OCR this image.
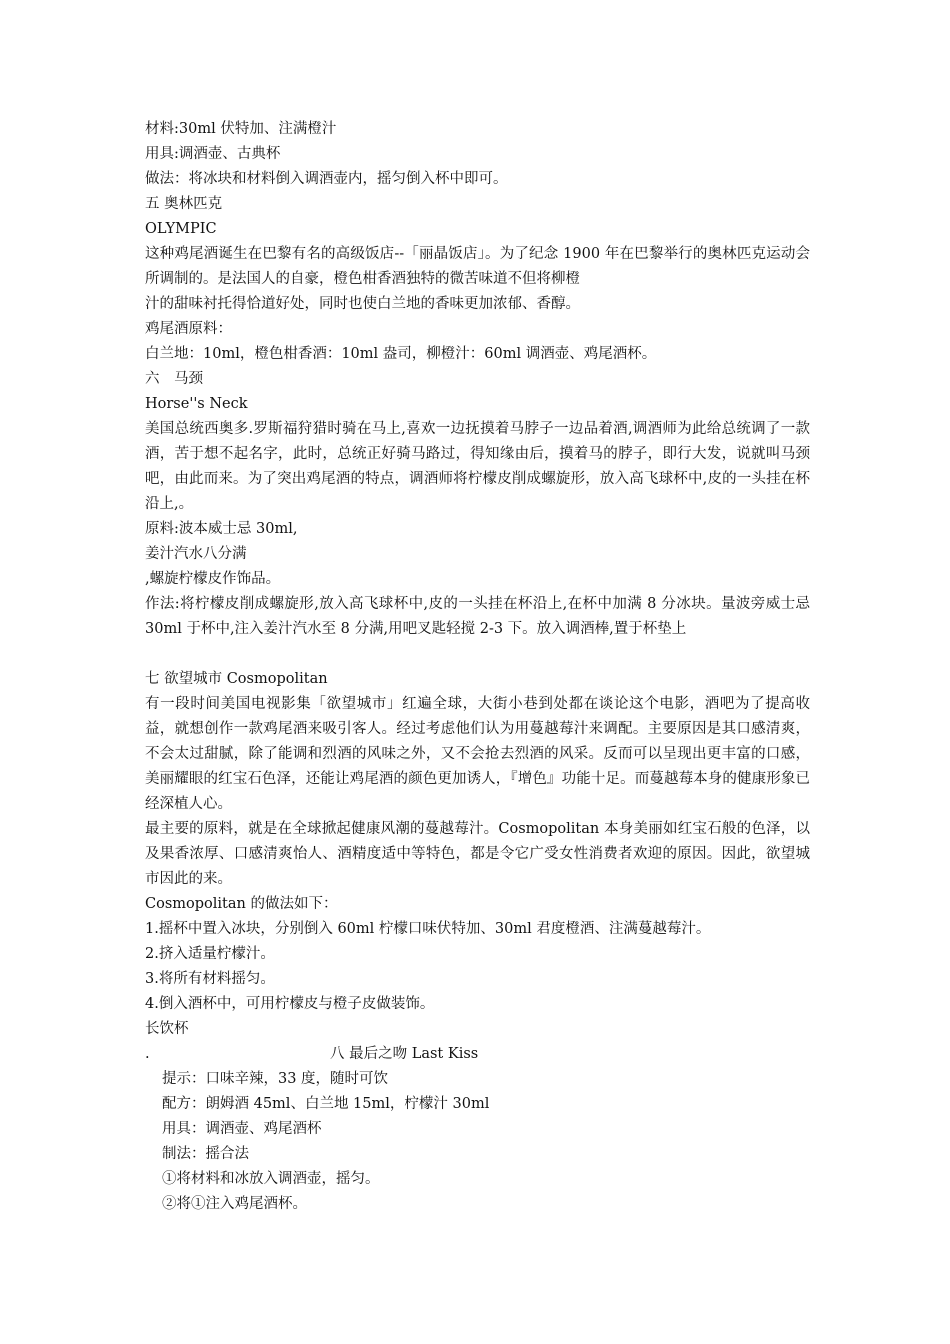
材料:30ml 伏特加、注满橙汁
用具:调酒壶、古典杯
做法：将冰块和材料倒入调酒壶内，摇匀倒入杯中即可。
五 奥林匹克
OLYMPIC
这种鸡尾酒诞生在巴黎有名的高级饭店--「丽晶饭店」。为了纪念 1900 年在巴黎举行的奥林匹克运动会所调制的。是法国人的自豪，橙色柑香酒独特的微苦味道不但将柳橙
汁的甜味衬托得恰道好处，同时也使白兰地的香味更加浓郁、香醇。
鸡尾酒原料：
白兰地：10ml，橙色柑香酒：10ml 盎司，柳橙汁：60ml 调酒壶、鸡尾酒杯。
六　马颈
Horse''s Neck
美国总统西奥多.罗斯福狩猎时骑在马上,喜欢一边抚摸着马脖子一边品着酒,调酒师为此给总统调了一款酒，苦于想不起名字，此时，总统正好骑马路过，得知缘由后，摸着马的脖子，即行大发，说就叫马颈吧，由此而来。为了突出鸡尾酒的特点，调酒师将柠檬皮削成螺旋形，放入高飞球杯中,皮的一头挂在杯沿上,。
原料:波本威士忌 30ml,
姜汁汽水八分满
,螺旋柠檬皮作饰品。
作法:将柠檬皮削成螺旋形,放入高飞球杯中,皮的一头挂在杯沿上,在杯中加满 8 分冰块。量波旁威士忌 30ml 于杯中,注入姜汁汽水至 8 分满,用吧叉匙轻搅 2-3 下。放入调酒棒,置于杯垫上
七 欲望城市 Cosmopolitan
有一段时间美国电视影集「欲望城市」红遍全球，大街小巷到处都在谈论这个电影，酒吧为了提高收益，就想创作一款鸡尾酒来吸引客人。经过考虑他们认为用蔓越莓汁来调配。主要原因是其口感清爽，不会太过甜腻，除了能调和烈酒的风味之外，又不会抢去烈酒的风采。反而可以呈现出更丰富的口感，美丽耀眼的红宝石色泽，还能让鸡尾酒的颜色更加诱人，『增色』功能十足。而蔓越莓本身的健康形象已经深植人心。
最主要的原料，就是在全球掀起健康风潮的蔓越莓汁。Cosmopolitan 本身美丽如红宝石般的色泽，以及果香浓厚、口感清爽怡人、酒精度适中等特色，都是令它广受女性消费者欢迎的原因。因此，欲望城市因此的来。
Cosmopolitan 的做法如下：
1.摇杯中置入冰块，分别倒入 60ml 柠檬口味伏特加、30ml 君度橙酒、注满蔓越莓汁。
2.挤入适量柠檬汁。
3.将所有材料摇匀。
4.倒入酒杯中，可用柠檬皮与橙子皮做装饰。
长饮杯
.	八 最后之吻 Last Kiss
提示：口味辛辣，33 度，随时可饮
配方：朗姆酒 45ml、白兰地 15ml，柠檬汁 30ml
用具：调酒壶、鸡尾酒杯
制法：摇合法
①将材料和冰放入调酒壶，摇匀。
②将①注入鸡尾酒杯。
